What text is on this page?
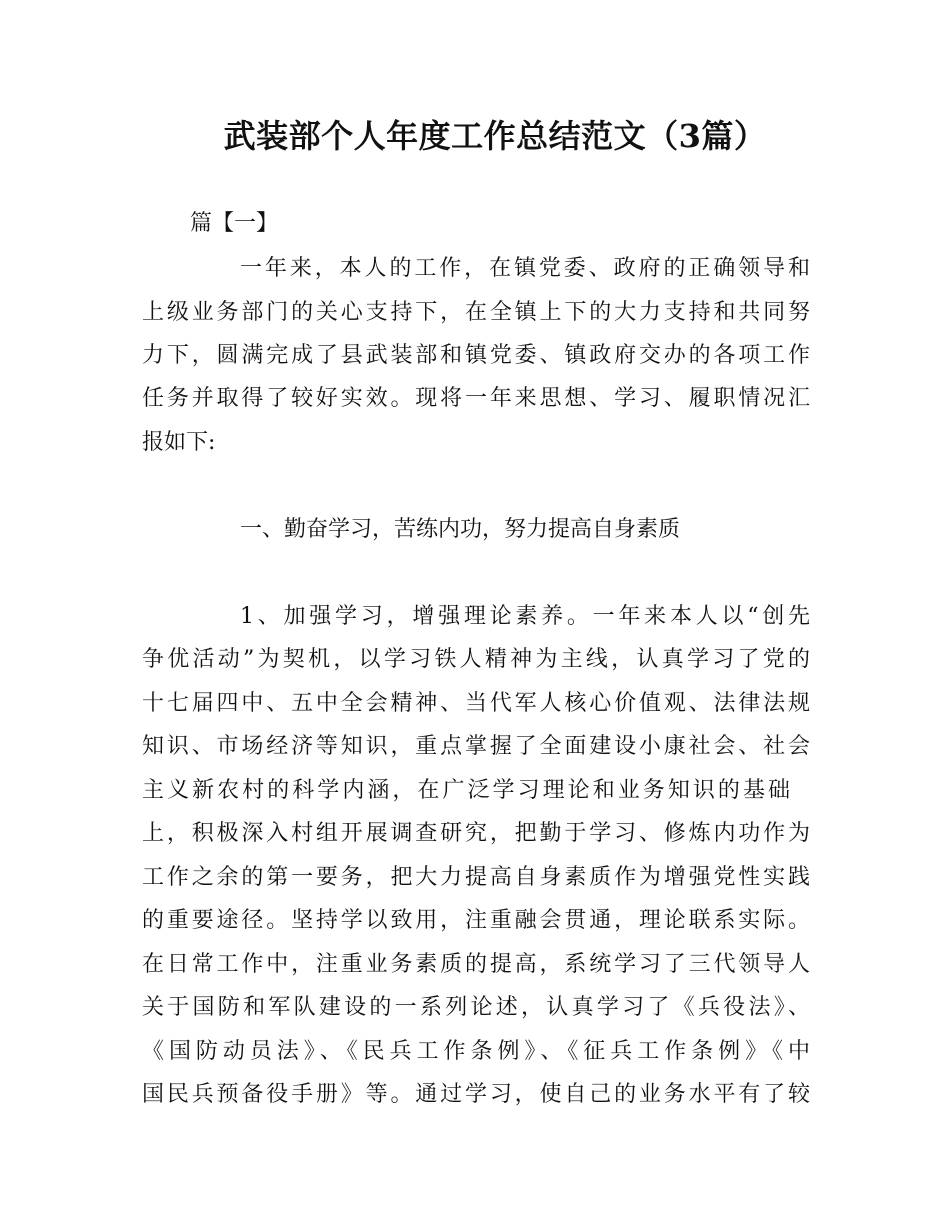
武装部个人年度工作总结范文（3篇）
篇【一】
一年来，本人的工作，在镇党委、政府的正确领导和
上级业务部门的关心支持下，在全镇上下的大力支持和共同努
力下，圆满完成了县武装部和镇党委、镇政府交办的各项工作
任务并取得了较好实效。现将一年来思想、学习、履职情况汇
报如下:
一、勤奋学习，苦练内功，努力提高自身素质
1、加强学习，增强理论素养。一年来本人以“创先
争优活动”为契机，以学习铁人精神为主线，认真学习了党的
十七届四中、五中全会精神、当代军人核心价值观、法律法规
知识、市场经济等知识，重点掌握了全面建设小康社会、社会
主义新农村的科学内涵，在广泛学习理论和业务知识的基础
上，积极深入村组开展调查研究，把勤于学习、修炼内功作为
工作之余的第一要务，把大力提高自身素质作为增强党性实践
的重要途径。坚持学以致用，注重融会贯通，理论联系实际。
在日常工作中，注重业务素质的提高，系统学习了三代领导人
关于国防和军队建设的一系列论述，认真学习了《兵役法》、
《国防动员法》、《民兵工作条例》、《征兵工作条例》《中
国民兵预备役手册》等。通过学习，使自己的业务水平有了较
